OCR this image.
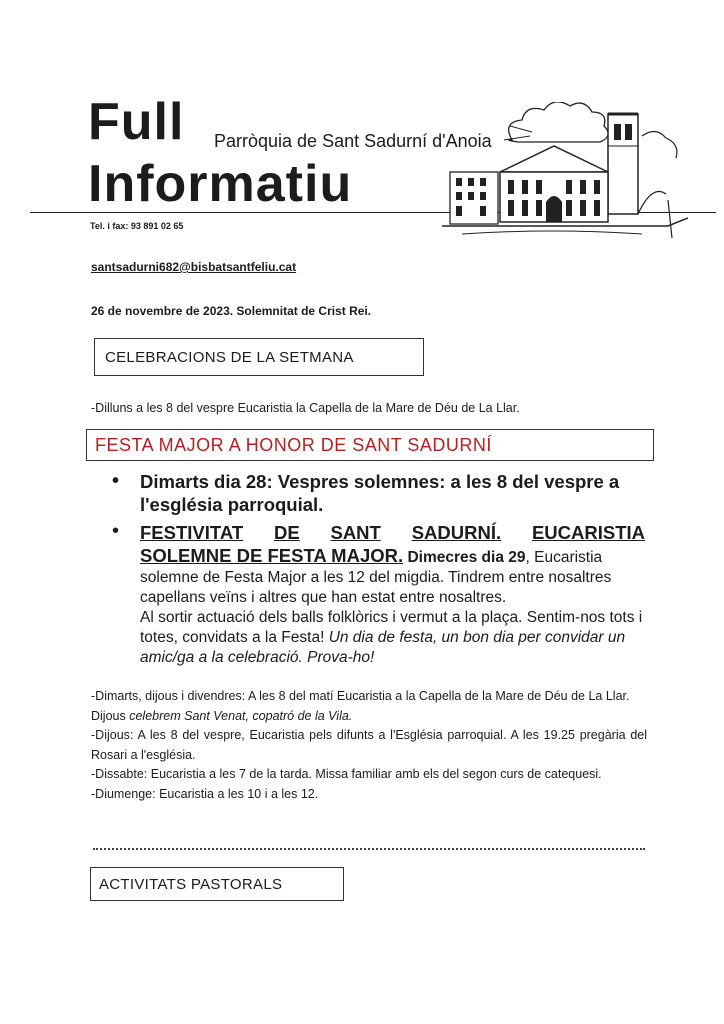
Full Parròquia de Sant Sadurní d'Anoia
Informatiu
Tel. i fax: 93 891 02 65
santsadurni682@bisbatsantfeliu.cat
26 de novembre de 2023. Solemnitat de Crist Rei.
CELEBRACIONS DE LA SETMANA
-Dilluns a les 8 del vespre Eucaristia la Capella de la Mare de Déu de La Llar.
FESTA MAJOR A HONOR DE SANT SADURNÍ
• Dimarts dia 28: Vespres solemnes: a les 8 del vespre a l'església parroquial.
• FESTIVITAT DE SANT SADURNÍ. EUCARISTIA
SOLEMNE DE FESTA MAJOR. Dimecres dia 29, Eucaristia solemne de Festa Major a les 12 del migdia. Tindrem entre nosaltres capellans veïns i altres que han estat entre nosaltres.
Al sortir actuació dels balls folklòrics i vermut a la plaça. Sentim-nos tots i totes, convidats a la Festa! Un dia de festa, un bon dia per convidar un amic/ga a la celebració. Prova-ho!
-Dimarts, dijous i divendres: A les 8 del matí Eucaristia a la Capella de la Mare de Déu de La Llar.
Dijous celebrem Sant Venat, copatró de la Vila.
-Dijous: A les 8 del vespre, Eucaristia pels difunts a l'Església parroquial. A les 19.25 pregària del Rosari a l'església.
-Dissabte: Eucaristia a les 7 de la tarda. Missa familiar amb els del segon curs de catequesi.
-Diumenge: Eucaristia a les 10 i a les 12.
ACTIVITATS PASTORALS
